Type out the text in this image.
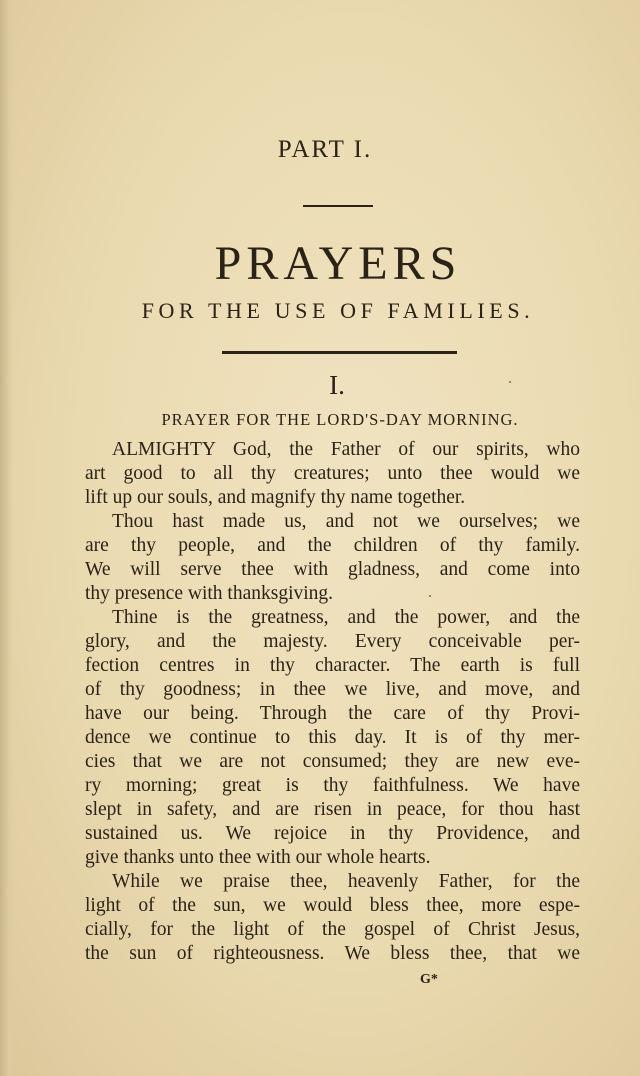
PART I.
PRAYERS
FOR THE USE OF FAMILIES.
I.
PRAYER FOR THE LORD'S-DAY MORNING.
ALMIGHTY God, the Father of our spirits, who
art good to all thy creatures; unto thee would we
lift up our souls, and magnify thy name together.
Thou hast made us, and not we ourselves; we
are thy people, and the children of thy family.
We will serve thee with gladness, and come into
thy presence with thanksgiving.
Thine is the greatness, and the power, and the
glory, and the majesty. Every conceivable per-
fection centres in thy character. The earth is full
of thy goodness; in thee we live, and move, and
have our being. Through the care of thy Provi-
dence we continue to this day. It is of thy mer-
cies that we are not consumed; they are new eve-
ry morning; great is thy faithfulness. We have
slept in safety, and are risen in peace, for thou hast
sustained us. We rejoice in thy Providence, and
give thanks unto thee with our whole hearts.
While we praise thee, heavenly Father, for the
light of the sun, we would bless thee, more espe-
cially, for the light of the gospel of Christ Jesus,
the sun of righteousness. We bless thee, that we
G*
